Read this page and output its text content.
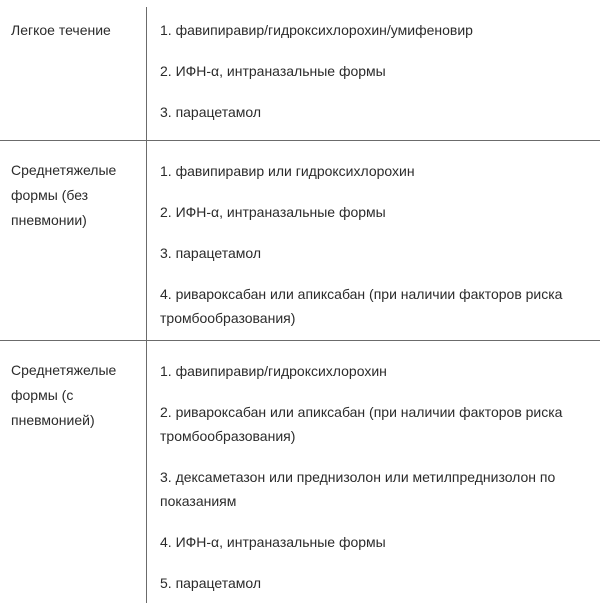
Легкое течение	1. фавипиравир/гидроксихлорохин/умифеновир
2. ИФН-α, интраназальные формы
3. парацетамол
Среднетяжелые формы (без пневмонии)
1. фавипиравир или гидроксихлорохин
2. ИФН-α, интраназальные формы
3. парацетамол
4. ривароксабан или апиксабан (при наличии факторов риска тромбообразования)
Среднетяжелые формы (с пневмонией)
1. фавипиравир/гидроксихлорохин
2. ривароксабан или апиксабан (при наличии факторов риска тромбообразования)
3. дексаметазон или преднизолон или метилпреднизолон по показаниям
4. ИФН-α, интраназальные формы
5. парацетамол
